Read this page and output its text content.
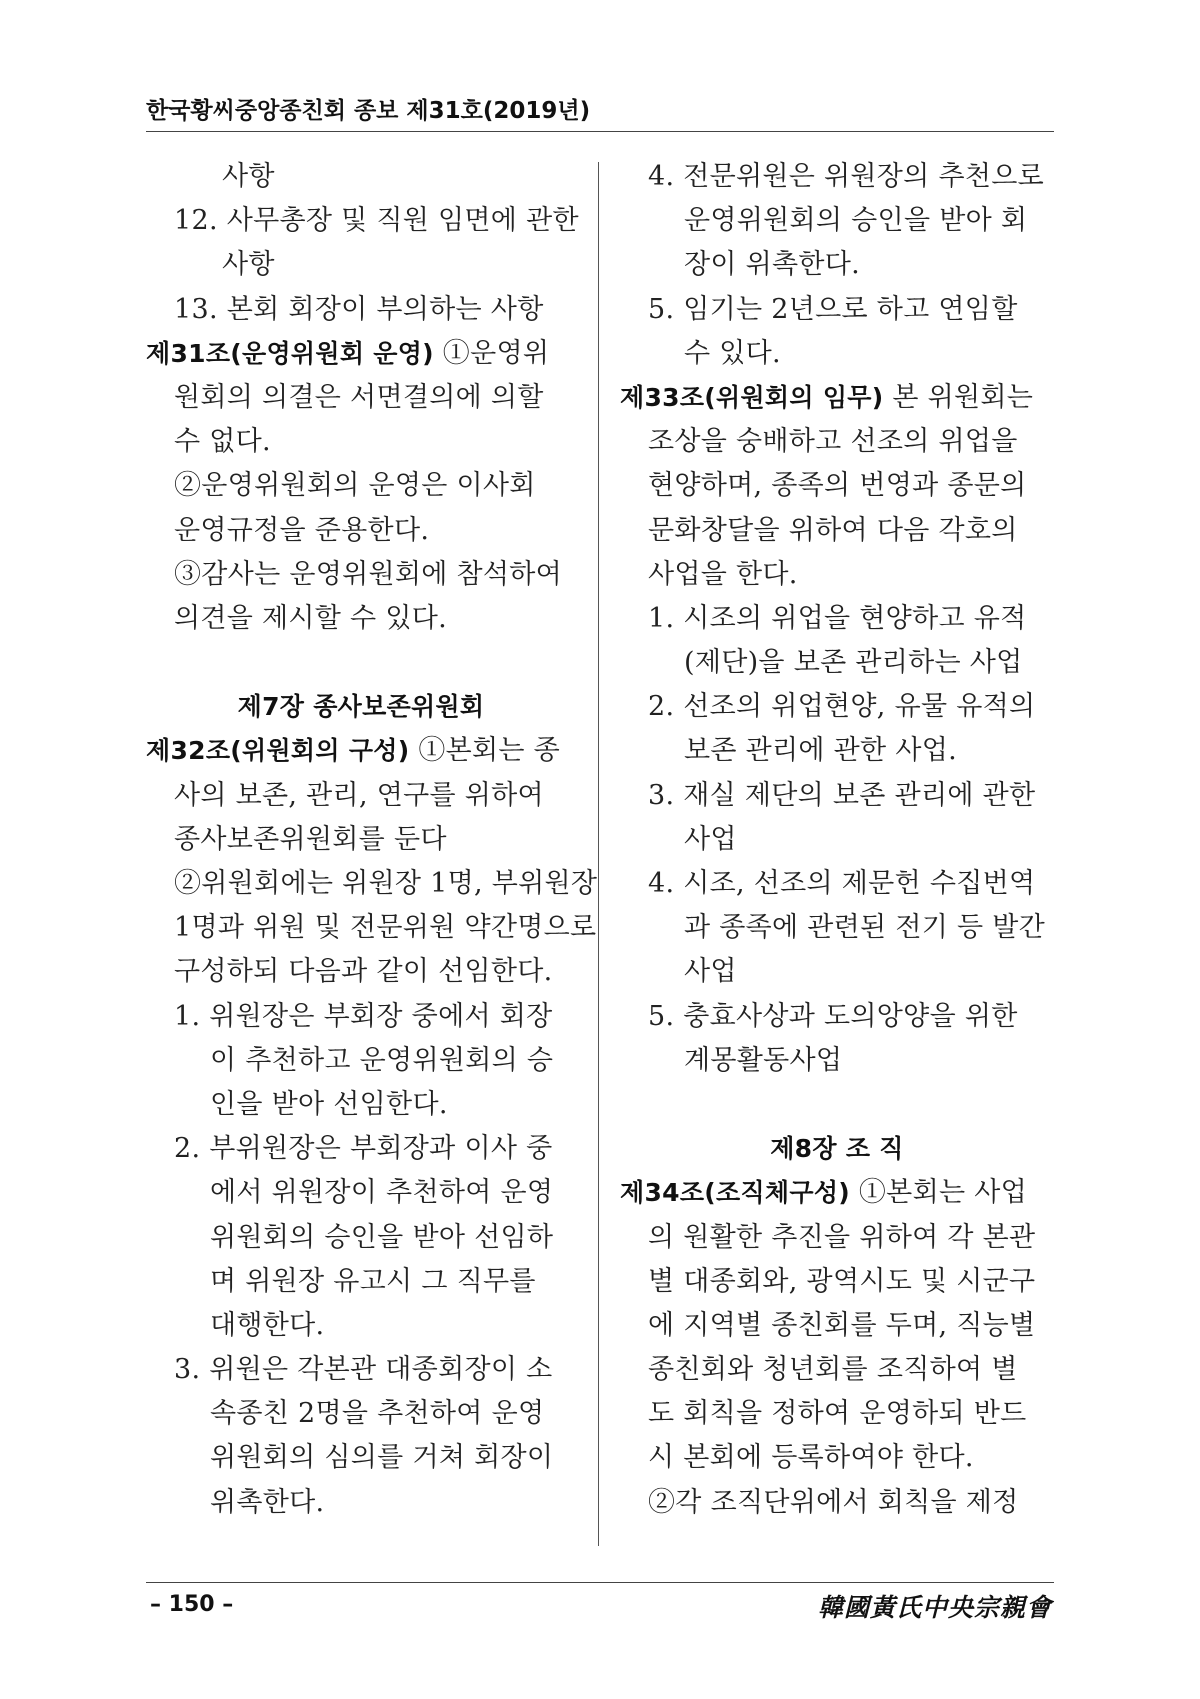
한국황씨중앙종친회 종보 제31호(2019년)
사항
12. 사무총장 및 직원 임면에 관한
사항
13. 본회 회장이 부의하는 사항
제31조(운영위원회 운영) ①운영위
원회의 의결은 서면결의에 의할
수 없다.
②운영위원회의 운영은 이사회
운영규정을 준용한다.
③감사는 운영위원회에 참석하여
의견을 제시할 수 있다.
제7장 종사보존위원회
제32조(위원회의 구성) ①본회는 종
사의 보존, 관리, 연구를 위하여
종사보존위원회를 둔다
②위원회에는 위원장 1명, 부위원장
1명과 위원 및 전문위원 약간명으로
구성하되 다음과 같이 선임한다.
1. 위원장은 부회장 중에서 회장
이 추천하고 운영위원회의 승
인을 받아 선임한다.
2. 부위원장은 부회장과 이사 중
에서 위원장이 추천하여 운영
위원회의 승인을 받아 선임하
며 위원장 유고시 그 직무를
대행한다.
3. 위원은 각본관 대종회장이 소
속종친 2명을 추천하여 운영
위원회의 심의를 거쳐 회장이
위촉한다.
4. 전문위원은 위원장의 추천으로
운영위원회의 승인을 받아 회
장이 위촉한다.
5. 임기는 2년으로 하고 연임할
수 있다.
제33조(위원회의 임무) 본 위원회는
조상을 숭배하고 선조의 위업을
현양하며, 종족의 번영과 종문의
문화창달을 위하여 다음 각호의
사업을 한다.
1. 시조의 위업을 현양하고 유적
(제단)을 보존 관리하는 사업
2. 선조의 위업현양, 유물 유적의
보존 관리에 관한 사업.
3. 재실 제단의 보존 관리에 관한
사업
4. 시조, 선조의 제문헌 수집번역
과 종족에 관련된 전기 등 발간
사업
5. 충효사상과 도의앙양을 위한
계몽활동사업
제8장 조 직
제34조(조직체구성) ①본회는 사업
의 원활한 추진을 위하여 각 본관
별 대종회와, 광역시도 및 시군구
에 지역별 종친회를 두며, 직능별
종친회와 청년회를 조직하여 별
도 회칙을 정하여 운영하되 반드
시 본회에 등록하여야 한다.
②각 조직단위에서 회칙을 제정
– 150 –	韓國黃氏中央宗親會
